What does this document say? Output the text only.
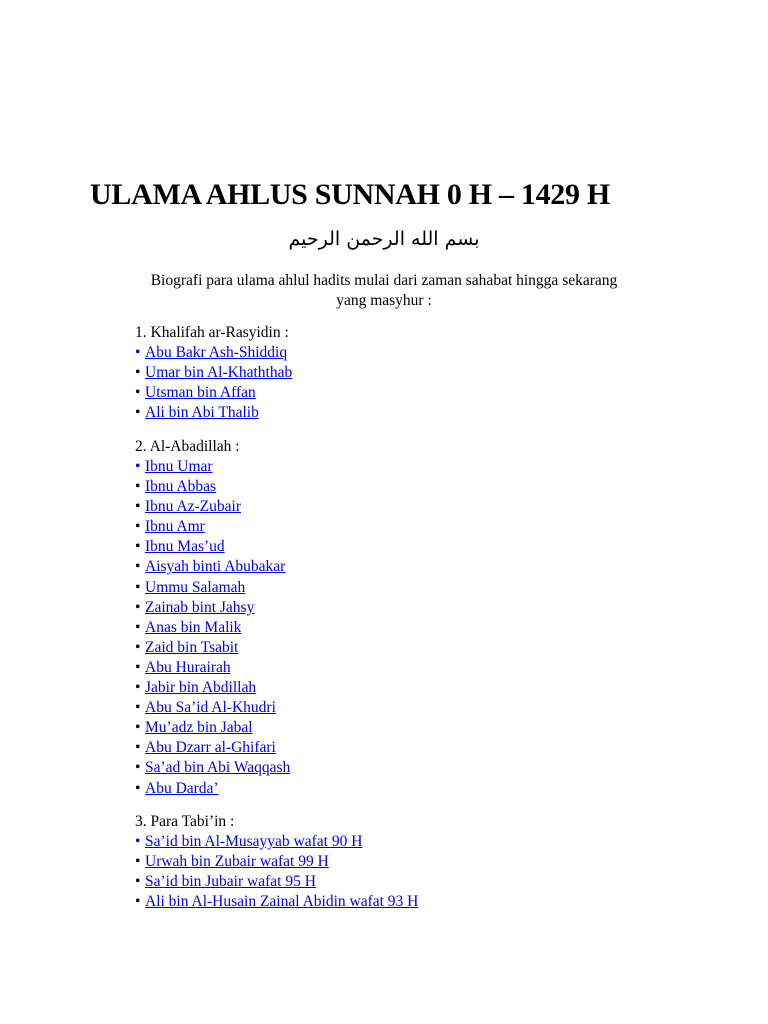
ULAMA AHLUS SUNNAH 0 H – 1429 H

بسم الله الرحمن الرحيم

Biografi para ulama ahlul hadits mulai dari zaman sahabat hingga sekarang
yang masyhur :

1. Khalifah ar-Rasyidin :
• Abu Bakr Ash-Shiddiq
• Umar bin Al-Khaththab
• Utsman bin Affan
• Ali bin Abi Thalib
2. Al-Abadillah :
• Ibnu Umar
• Ibnu Abbas
• Ibnu Az-Zubair
• Ibnu Amr
• Ibnu Mas’ud
• Aisyah binti Abubakar
• Ummu Salamah
• Zainab bint Jahsy
• Anas bin Malik
• Zaid bin Tsabit
• Abu Hurairah
• Jabir bin Abdillah
• Abu Sa’id Al-Khudri
• Mu’adz bin Jabal
• Abu Dzarr al-Ghifari
• Sa’ad bin Abi Waqqash
• Abu Darda’
3. Para Tabi’in :
• Sa’id bin Al-Musayyab wafat 90 H
• Urwah bin Zubair wafat 99 H
• Sa’id bin Jubair wafat 95 H
• Ali bin Al-Husain Zainal Abidin wafat 93 H
